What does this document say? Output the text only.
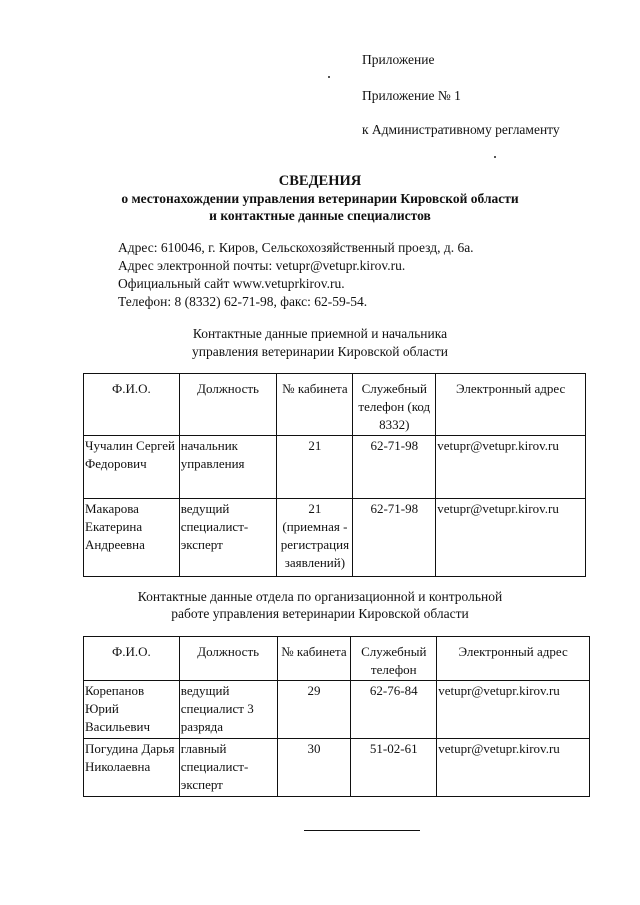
Приложение
Приложение № 1
к Административному регламенту
СВЕДЕНИЯ
о местонахождении управления ветеринарии Кировской области
и контактные данные специалистов
Адрес: 610046, г. Киров, Сельскохозяйственный проезд, д. 6а.
Адрес электронной почты: vetupr@vetupr.kirov.ru.
Официальный сайт www.vetuprkirov.ru.
Телефон: 8 (8332) 62-71-98, факс: 62-59-54.
Контактные данные приемной и начальника
управления ветеринарии Кировской области
Ф.И.О.	Должность	№ кабинета	Служебный телефон (код 8332)	Электронный адрес
Чучалин Сергей Федорович	начальник управления	21	62-71-98	vetupr@vetupr.kirov.ru
Макарова Екатерина Андреевна	ведущий специалист-эксперт	21 (приемная - регистрация заявлений)	62-71-98	vetupr@vetupr.kirov.ru
Контактные данные отдела по организационной и контрольной
работе управления ветеринарии Кировской области
Ф.И.О.	Должность	№ кабинета	Служебный телефон	Электронный адрес
Корепанов Юрий Васильевич	ведущий специалист 3 разряда	29	62-76-84	vetupr@vetupr.kirov.ru
Погудина Дарья Николаевна	главный специалист-эксперт	30	51-02-61	vetupr@vetupr.kirov.ru
